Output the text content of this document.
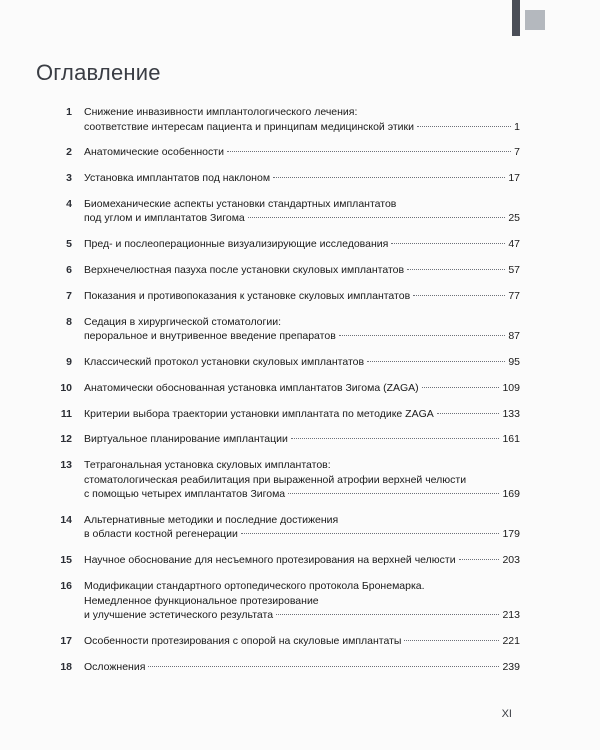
Оглавление
1 Снижение инвазивности имплантологического лечения:
соответствие интересам пациента и принципам медицинской этики	1
2 Анатомические особенности	7
3 Установка имплантатов под наклоном	17
4 Биомеханические аспекты установки стандартных имплантатов
под углом и имплантатов Зигома	25
5 Пред- и послеоперационные визуализирующие исследования	47
6 Верхнечелюстная пазуха после установки скуловых имплантатов	57
7 Показания и противопоказания к установке скуловых имплантатов	77
8 Седация в хирургической стоматологии:
пероральное и внутривенное введение препаратов	87
9 Классический протокол установки скуловых имплантатов	95
10 Анатомически обоснованная установка имплантатов Зигома (ZAGA)	109
11 Критерии выбора траектории установки имплантата по методике ZAGA	133
12 Виртуальное планирование имплантации	161
13 Тетрагональная установка скуловых имплантатов:
стоматологическая реабилитация при выраженной атрофии верхней челюсти
с помощью четырех имплантатов Зигома	169
14 Альтернативные методики и последние достижения
в области костной регенерации	179
15 Научное обоснование для несъемного протезирования на верхней челюсти	203
16 Модификации стандартного ортопедического протокола Бронемарка.
Немедленное функциональное протезирование
и улучшение эстетического результата	213
17 Особенности протезирования с опорой на скуловые имплантаты	221
18 Осложнения	239
XI
